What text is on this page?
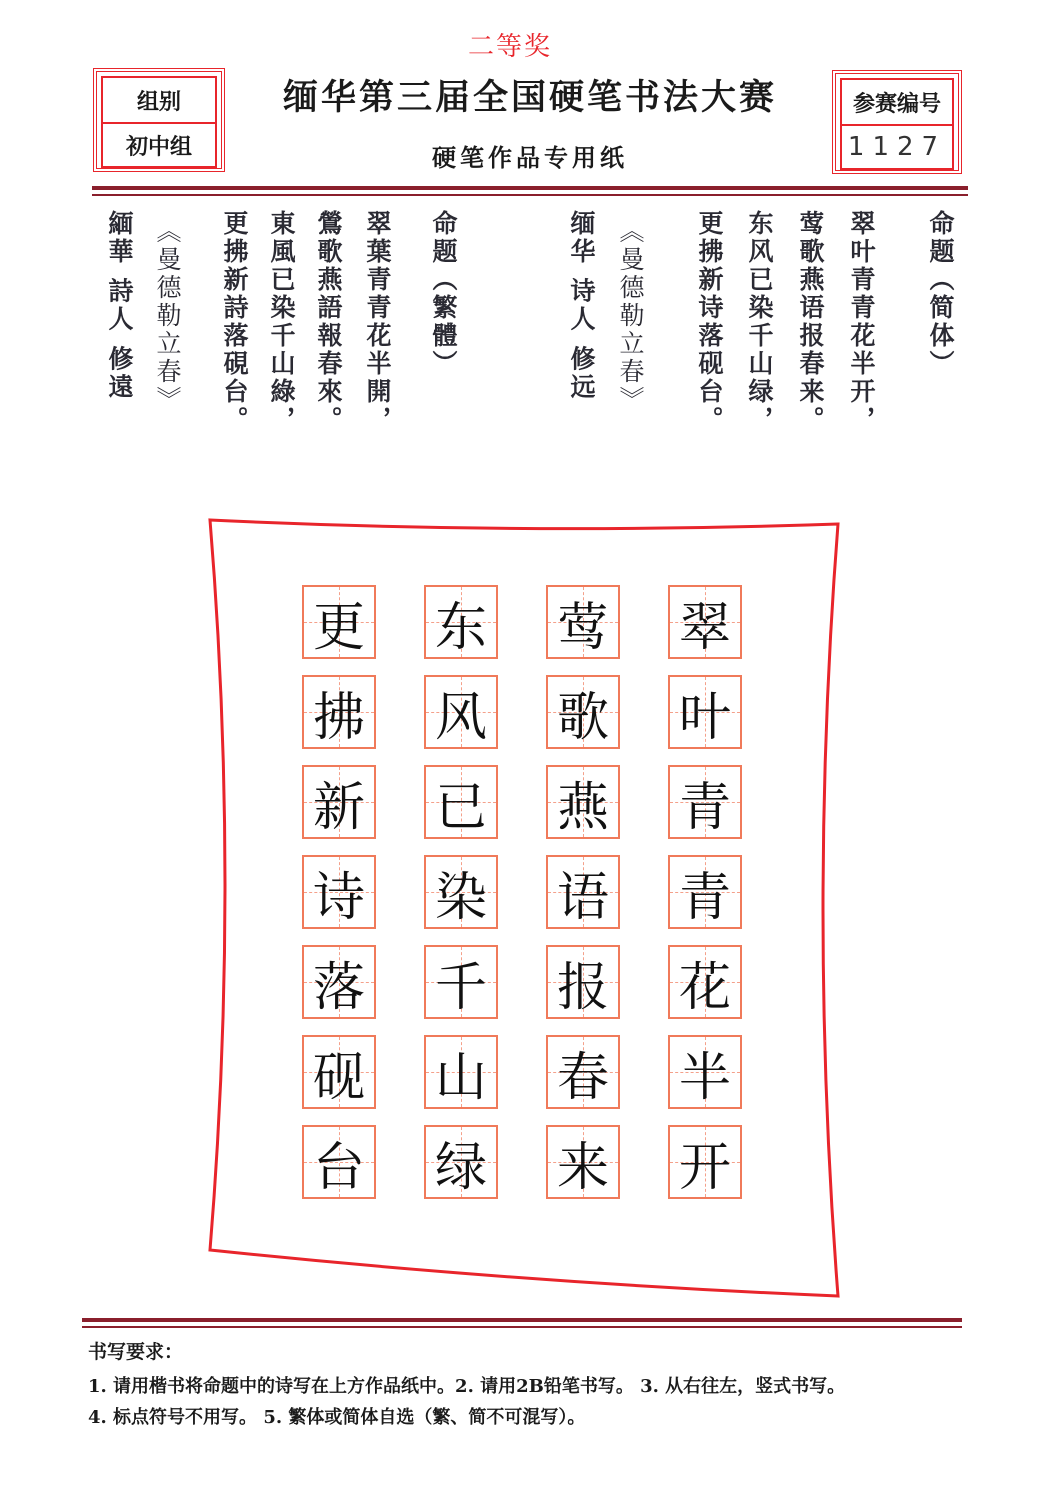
二等奖
缅华第三届全国硬笔书法大赛
硬笔作品专用纸
组别
初中组
参赛编号
1127
命题（简体）
翠叶青青花半开，
莺歌燕语报春来。
东风已染千山绿，
更拂新诗落砚台。
《曼德勒立春》
缅华 诗人 修远
命题（繁體）
翠葉青青花半開，
鶯歌燕語報春來。
東風已染千山綠，
更拂新詩落硯台。
《曼德勒立春》
緬華 詩人 修遠
翠
叶
青
青
花
半
开
莺
歌
燕
语
报
春
来
东
风
已
染
千
山
绿
更
拂
新
诗
落
砚
台
书写要求：
1. 请用楷书将命题中的诗写在上方作品纸中。2. 请用2B铅笔书写。 3. 从右往左，竖式书写。
4. 标点符号不用写。 5. 繁体或简体自选（繁、简不可混写）。
